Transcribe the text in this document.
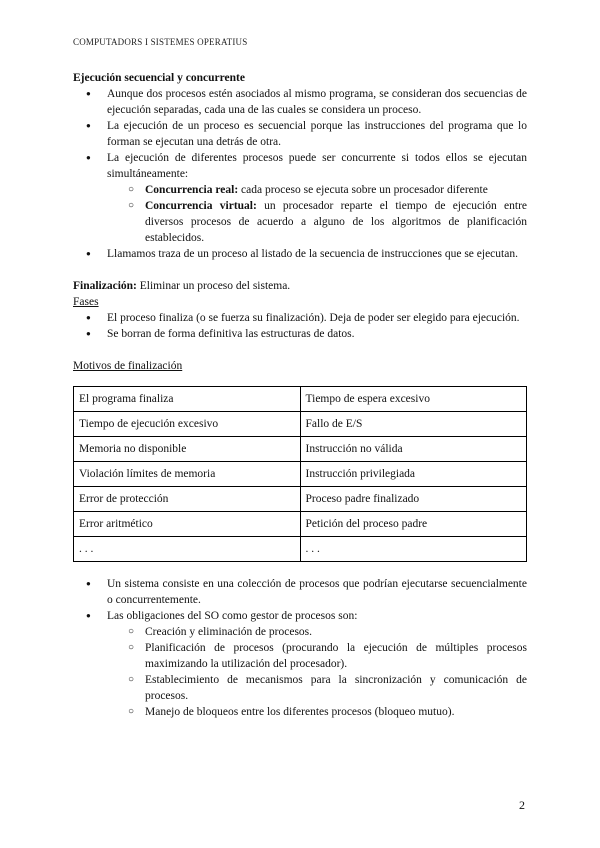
COMPUTADORS I SISTEMES OPERATIUS
Ejecución secuencial y concurrente
● Aunque dos procesos estén asociados al mismo programa, se consideran dos secuencias de ejecución separadas, cada una de las cuales se considera un proceso.
● La ejecución de un proceso es secuencial porque las instrucciones del programa que lo forman se ejecutan una detrás de otra.
● La ejecución de diferentes procesos puede ser concurrente si todos ellos se ejecutan simultáneamente:
○ Concurrencia real: cada proceso se ejecuta sobre un procesador diferente
○ Concurrencia virtual: un procesador reparte el tiempo de ejecución entre diversos procesos de acuerdo a alguno de los algoritmos de planificación establecidos.
● Llamamos traza de un proceso al listado de la secuencia de instrucciones que se ejecutan.
Finalización: Eliminar un proceso del sistema.
Fases
● El proceso finaliza (o se fuerza su finalización). Deja de poder ser elegido para ejecución.
● Se borran de forma definitiva las estructuras de datos.
Motivos de finalización
El programa finaliza	Tiempo de espera excesivo
Tiempo de ejecución excesivo	Fallo de E/S
Memoria no disponible	Instrucción no válida
Violación límites de memoria	Instrucción privilegiada
Error de protección	Proceso padre finalizado
Error aritmético	Petición del proceso padre
. . .	. . .
● Un sistema consiste en una colección de procesos que podrían ejecutarse secuencialmente o concurrentemente.
● Las obligaciones del SO como gestor de procesos son:
○ Creación y eliminación de procesos.
○ Planificación de procesos (procurando la ejecución de múltiples procesos maximizando la utilización del procesador).
○ Establecimiento de mecanismos para la sincronización y comunicación de procesos.
○ Manejo de bloqueos entre los diferentes procesos (bloqueo mutuo).
2
